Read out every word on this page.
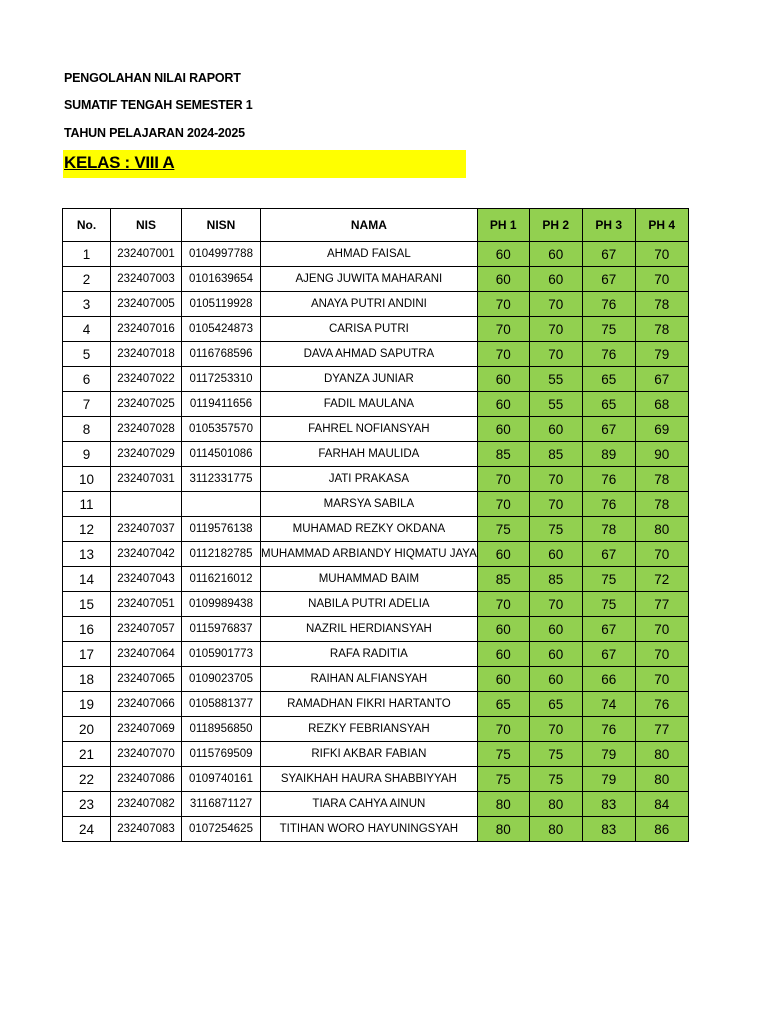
PENGOLAHAN NILAI RAPORT
SUMATIF TENGAH SEMESTER 1
TAHUN PELAJARAN 2024-2025
KELAS : VIII A
No.	NIS	NISN	NAMA	PH 1	PH 2	PH 3	PH 4
1	232407001	0104997788	AHMAD FAISAL	60	60	67	70
2	232407003	0101639654	AJENG JUWITA MAHARANI	60	60	67	70
3	232407005	0105119928	ANAYA PUTRI ANDINI	70	70	76	78
4	232407016	0105424873	CARISA PUTRI	70	70	75	78
5	232407018	0116768596	DAVA AHMAD SAPUTRA	70	70	76	79
6	232407022	0117253310	DYANZA JUNIAR	60	55	65	67
7	232407025	0119411656	FADIL MAULANA	60	55	65	68
8	232407028	0105357570	FAHREL NOFIANSYAH	60	60	67	69
9	232407029	0114501086	FARHAH MAULIDA	85	85	89	90
10	232407031	3112331775	JATI PRAKASA	70	70	76	78
11			MARSYA SABILA	70	70	76	78
12	232407037	0119576138	MUHAMAD REZKY OKDANA	75	75	78	80
13	232407042	0112182785	MUHAMMAD ARBIANDY HIQMATU JAYA	60	60	67	70
14	232407043	0116216012	MUHAMMAD BAIM	85	85	75	72
15	232407051	0109989438	NABILA PUTRI ADELIA	70	70	75	77
16	232407057	0115976837	NAZRIL HERDIANSYAH	60	60	67	70
17	232407064	0105901773	RAFA RADITIA	60	60	67	70
18	232407065	0109023705	RAIHAN ALFIANSYAH	60	60	66	70
19	232407066	0105881377	RAMADHAN FIKRI HARTANTO	65	65	74	76
20	232407069	0118956850	REZKY FEBRIANSYAH	70	70	76	77
21	232407070	0115769509	RIFKI AKBAR FABIAN	75	75	79	80
22	232407086	0109740161	SYAIKHAH HAURA SHABBIYYAH	75	75	79	80
23	232407082	3116871127	TIARA CAHYA AINUN	80	80	83	84
24	232407083	0107254625	TITIHAN WORO HAYUNINGSYAH	80	80	83	86
